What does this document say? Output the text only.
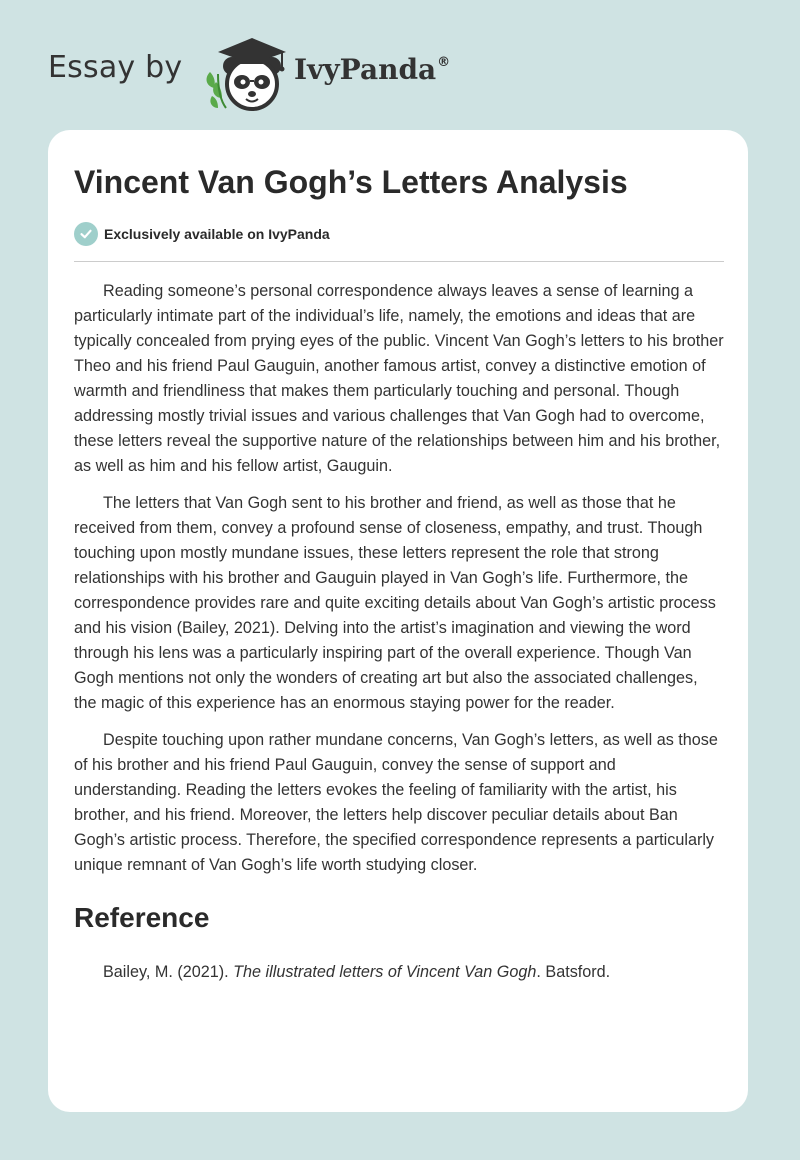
Essay by	IvyPanda®
Vincent Van Gogh’s Letters Analysis
Exclusively available on IvyPanda

Reading someone’s personal correspondence always leaves a sense of learning a particularly intimate part of the individual’s life, namely, the emotions and ideas that are typically concealed from prying eyes of the public. Vincent Van Gogh’s letters to his brother Theo and his friend Paul Gauguin, another famous artist, convey a distinctive emotion of warmth and friendliness that makes them particularly touching and personal. Though addressing mostly trivial issues and various challenges that Van Gogh had to overcome, these letters reveal the supportive nature of the relationships between him and his brother, as well as him and his fellow artist, Gauguin.

The letters that Van Gogh sent to his brother and friend, as well as those that he received from them, convey a profound sense of closeness, empathy, and trust. Though touching upon mostly mundane issues, these letters represent the role that strong relationships with his brother and Gauguin played in Van Gogh’s life. Furthermore, the correspondence provides rare and quite exciting details about Van Gogh’s artistic process and his vision (Bailey, 2021). Delving into the artist’s imagination and viewing the word through his lens was a particularly inspiring part of the overall experience. Though Van Gogh mentions not only the wonders of creating art but also the associated challenges, the magic of this experience has an enormous staying power for the reader.

Despite touching upon rather mundane concerns, Van Gogh’s letters, as well as those of his brother and his friend Paul Gauguin, convey the sense of support and understanding. Reading the letters evokes the feeling of familiarity with the artist, his brother, and his friend. Moreover, the letters help discover peculiar details about Ban Gogh’s artistic process. Therefore, the specified correspondence represents a particularly unique remnant of Van Gogh’s life worth studying closer.

Reference

Bailey, M. (2021). The illustrated letters of Vincent Van Gogh. Batsford.
